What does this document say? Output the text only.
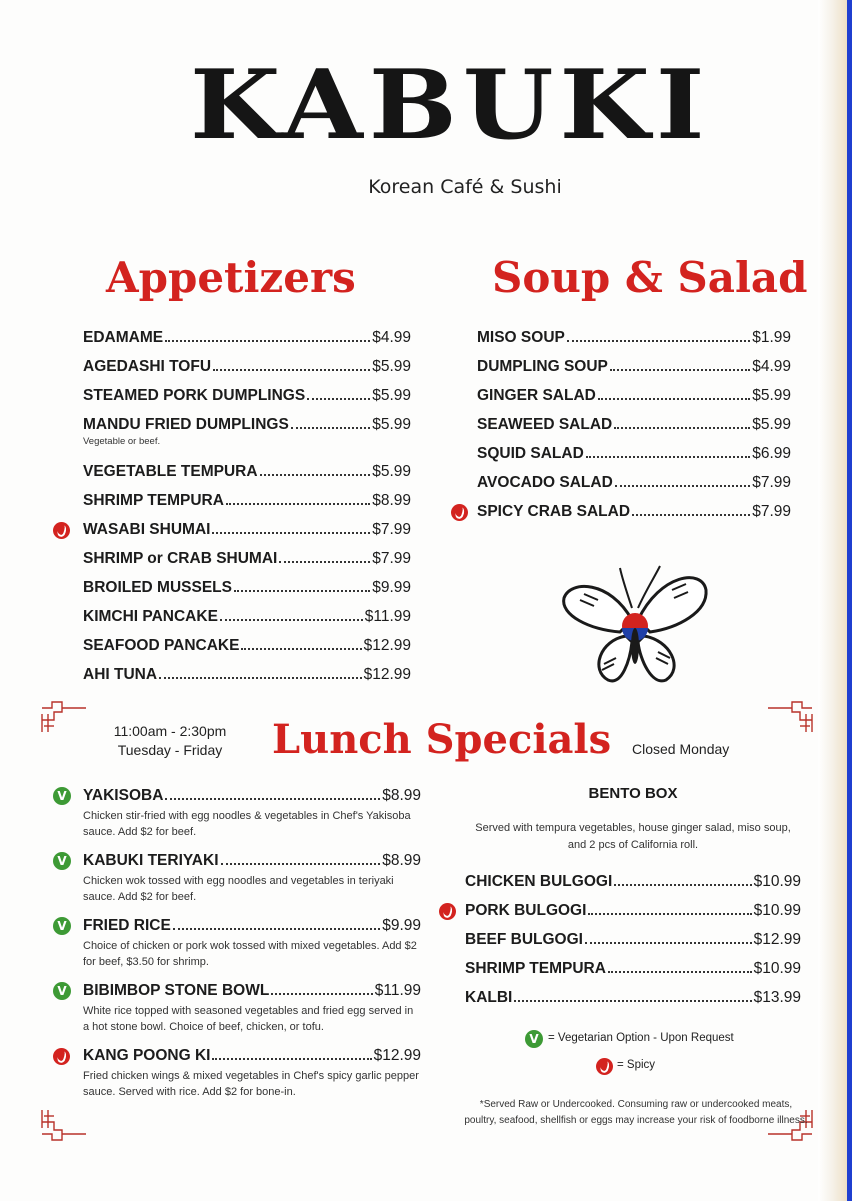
KABUKI
Korean Café & Sushi
Appetizers
EDAMAME	$4.99
AGEDASHI TOFU	$5.99
STEAMED PORK DUMPLINGS	$5.99
MANDU FRIED DUMPLINGS	$5.99
Vegetable or beef.
VEGETABLE TEMPURA	$5.99
SHRIMP TEMPURA	$8.99
WASABI SHUMAI	$7.99
SHRIMP or CRAB SHUMAI	$7.99
BROILED MUSSELS	$9.99
KIMCHI PANCAKE	$11.99
SEAFOOD PANCAKE	$12.99
AHI TUNA	$12.99
Soup & Salad
MISO SOUP	$1.99
DUMPLING SOUP	$4.99
GINGER SALAD	$5.99
SEAWEED SALAD	$5.99
SQUID SALAD	$6.99
AVOCADO SALAD	$7.99
SPICY CRAB SALAD	$7.99
11:00am - 2:30pm
Tuesday - Friday	Lunch Specials Closed Monday
V YAKISOBA	$8.99
Chicken stir-fried with egg noodles & vegetables in Chef's Yakisoba sauce. Add $2 for beef.
V KABUKI TERIYAKI	$8.99
Chicken wok tossed with egg noodles and vegetables in teriyaki sauce. Add $2 for beef.
V FRIED RICE	$9.99
Choice of chicken or pork wok tossed with mixed vegetables. Add $2 for beef, $3.50 for shrimp.
V BIBIMBOP STONE BOWL	$11.99
White rice topped with seasoned vegetables and fried egg served in a hot stone bowl. Choice of beef, chicken, or tofu.
KANG POONG KI	$12.99
Fried chicken wings & mixed vegetables in Chef's spicy garlic pepper sauce. Served with rice. Add $2 for bone-in.
BENTO BOX
Served with tempura vegetables, house ginger salad, miso soup, and 2 pcs of California roll.
CHICKEN BULGOGI	$10.99
PORK BULGOGI	$10.99
BEEF BULGOGI	$12.99
SHRIMP TEMPURA	$10.99
KALBI	$13.99
V = Vegetarian Option - Upon Request
= Spicy
*Served Raw or Undercooked. Consuming raw or undercooked meats, poultry, seafood, shellfish or eggs may increase your risk of foodborne illness.
